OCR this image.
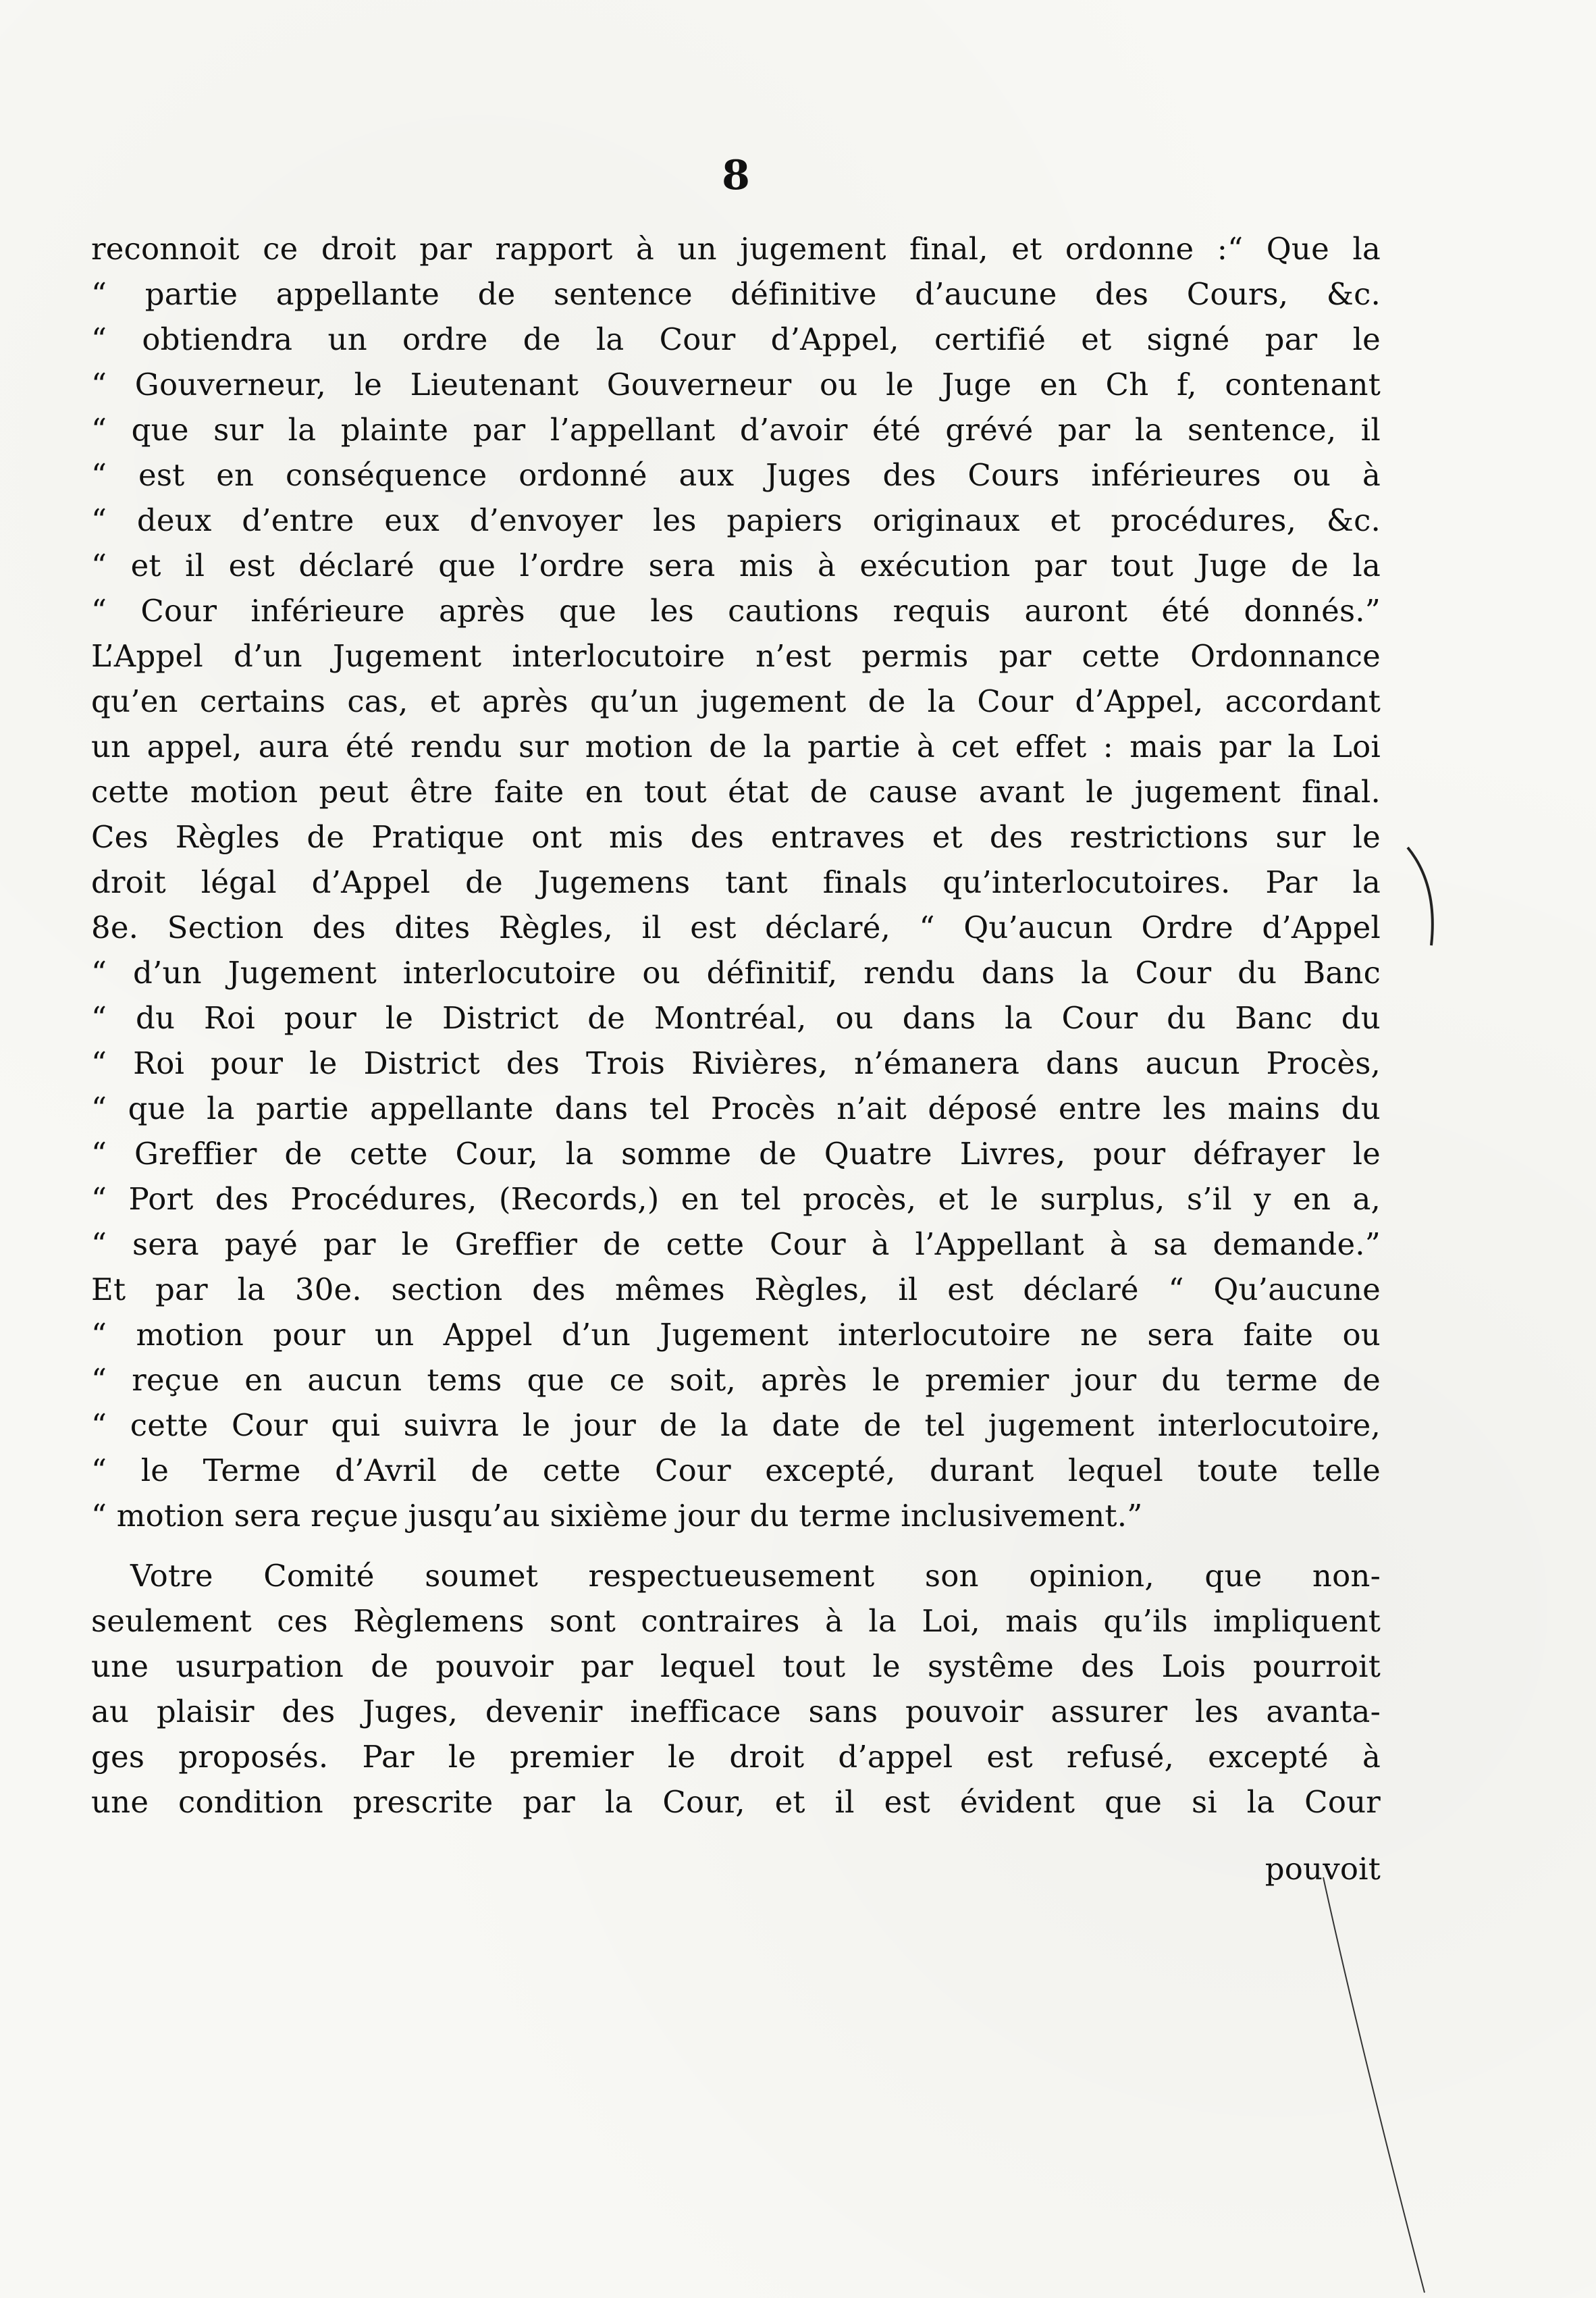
8
reconnoit ce droit par rapport à un jugement final, et ordonne :“ Que la
“ partie appellante de sentence définitive d’aucune des Cours, &c.
“ obtiendra un ordre de la Cour d’Appel, certifié et signé par le
“ Gouverneur, le Lieutenant Gouverneur ou le Juge en Ch f, contenant
“ que sur la plainte par l’appellant d’avoir été grévé par la sentence, il
“ est en conséquence ordonné aux Juges des Cours inférieures ou à
“ deux d’entre eux d’envoyer les papiers originaux et procédures, &c.
“ et il est déclaré que l’ordre sera mis à exécution par tout Juge de la
“ Cour inférieure après que les cautions requis auront été donnés.”
L’Appel d’un Jugement interlocutoire n’est permis par cette Ordonnance
qu’en certains cas, et après qu’un jugement de la Cour d’Appel, accordant
un appel, aura été rendu sur motion de la partie à cet effet : mais par la Loi
cette motion peut être faite en tout état de cause avant le jugement final.
Ces Règles de Pratique ont mis des entraves et des restrictions sur le
droit légal d’Appel de Jugemens tant finals qu’interlocutoires. Par la
8e. Section des dites Règles, il est déclaré, “ Qu’aucun Ordre d’Appel
“ d’un Jugement interlocutoire ou définitif, rendu dans la Cour du Banc
“ du Roi pour le District de Montréal, ou dans la Cour du Banc du
“ Roi pour le District des Trois Rivières, n’émanera dans aucun Procès,
“ que la partie appellante dans tel Procès n’ait déposé entre les mains du
“ Greffier de cette Cour, la somme de Quatre Livres, pour défrayer le
“ Port des Procédures, (Records,) en tel procès, et le surplus, s’il y en a,
“ sera payé par le Greffier de cette Cour à l’Appellant à sa demande.”
Et par la 30e. section des mêmes Règles, il est déclaré “ Qu’aucune
“ motion pour un Appel d’un Jugement interlocutoire ne sera faite ou
“ reçue en aucun tems que ce soit, après le premier jour du terme de
“ cette Cour qui suivra le jour de la date de tel jugement interlocutoire,
“ le Terme d’Avril de cette Cour excepté, durant lequel toute telle
“ motion sera reçue jusqu’au sixième jour du terme inclusivement.”
Votre Comité soumet respectueusement son opinion, que non-
seulement ces Règlemens sont contraires à la Loi, mais qu’ils impliquent
une usurpation de pouvoir par lequel tout le systême des Lois pourroit
au plaisir des Juges, devenir inefficace sans pouvoir assurer les avanta-
ges proposés. Par le premier le droit d’appel est refusé, excepté à
une condition prescrite par la Cour, et il est évident que si la Cour
pouvoit
